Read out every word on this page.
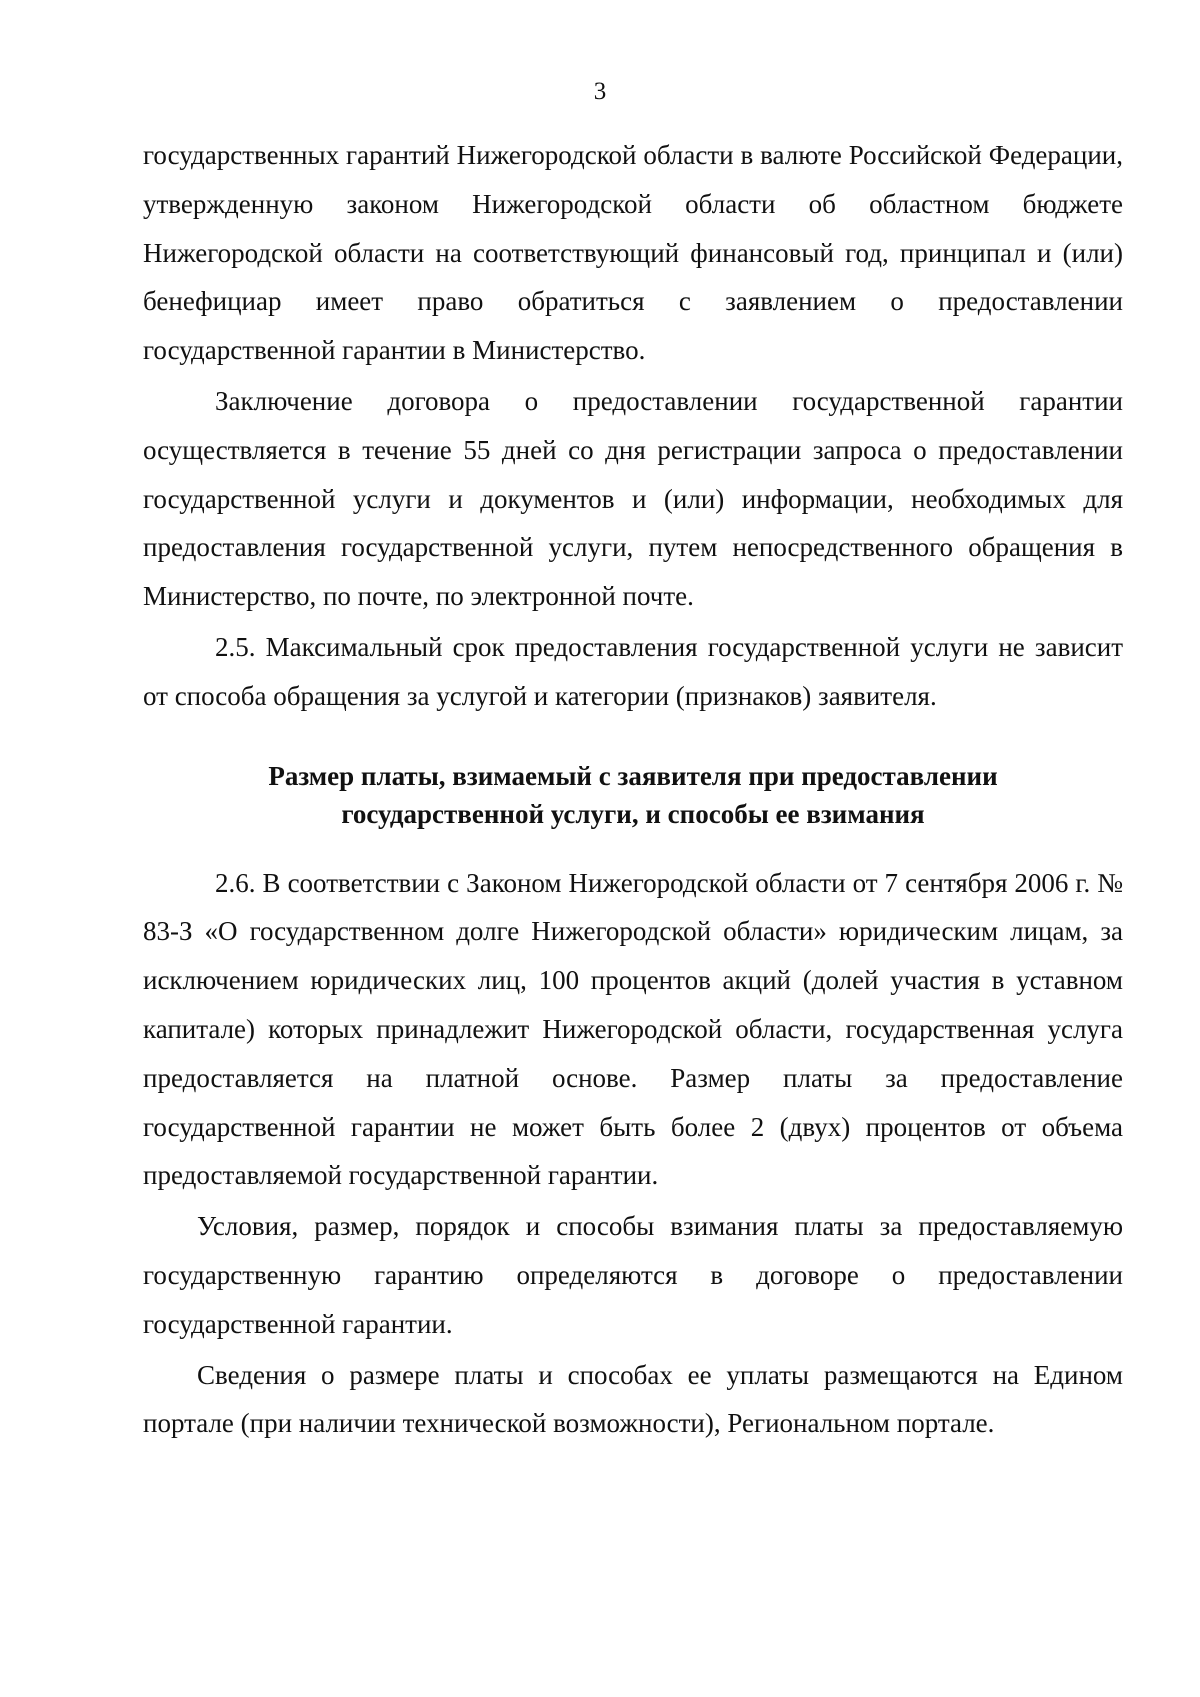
3

государственных гарантий Нижегородской области в валюте Российской Федерации, утвержденную законом Нижегородской области об областном бюджете Нижегородской области на соответствующий финансовый год, принципал и (или) бенефициар имеет право обратиться с заявлением о предоставлении государственной гарантии в Министерство.

Заключение договора о предоставлении государственной гарантии осуществляется в течение 55 дней со дня регистрации запроса о предоставлении государственной услуги и документов и (или) информации, необходимых для предоставления государственной услуги, путем непосредственного обращения в Министерство, по почте, по электронной почте.

2.5. Максимальный срок предоставления государственной услуги не зависит от способа обращения за услугой и категории (признаков) заявителя.

Размер платы, взимаемый с заявителя при предоставлении

государственной услуги, и способы ее взимания

2.6. В соответствии с Законом Нижегородской области от 7 сентября 2006 г. № 83-З «О государственном долге Нижегородской области» юридическим лицам, за исключением юридических лиц, 100 процентов акций (долей участия в уставном капитале) которых принадлежит Нижегородской области, государственная услуга предоставляется на платной основе. Размер платы за предоставление государственной гарантии не может быть более 2 (двух) процентов от объема предоставляемой государственной гарантии.

Условия, размер, порядок и способы взимания платы за предоставляемую государственную гарантию определяются в договоре о предоставлении государственной гарантии.

Сведения о размере платы и способах ее уплаты размещаются на Едином портале (при наличии технической возможности), Региональном портале.
